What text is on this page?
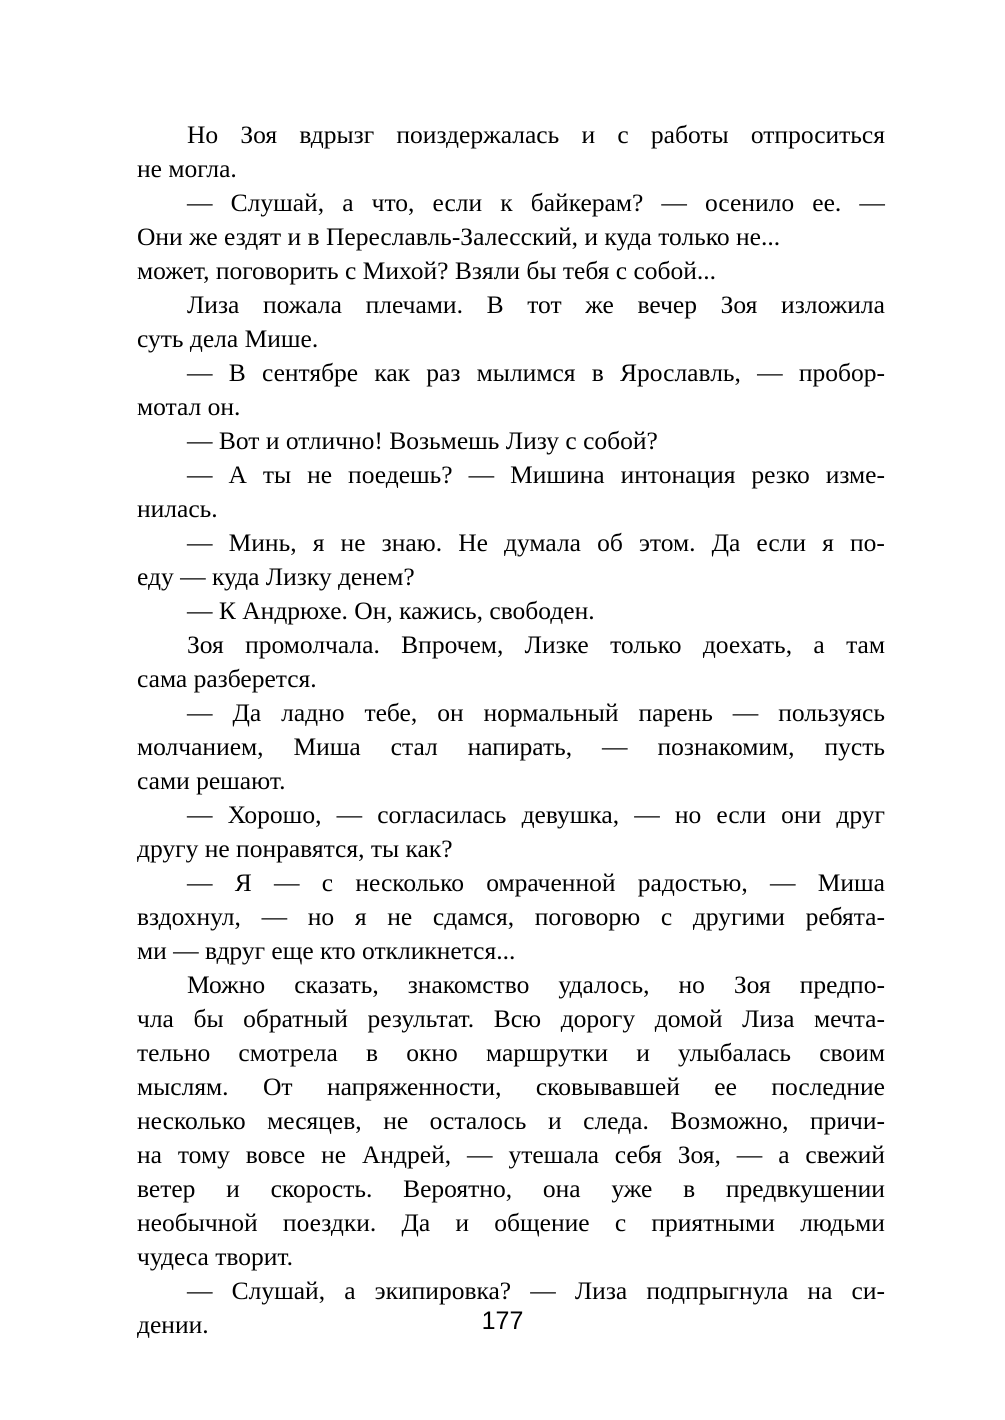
Но Зоя вдрызг поиздержалась и с работы отпроситься
не могла.
— Слушай, а что, если к байкерам? — осенило ее. —
Они же ездят и в Переславль-Залесский, и куда только не...
может, поговорить с Михой? Взяли бы тебя с собой...
Лиза пожала плечами. В тот же вечер Зоя изложила
суть дела Мише.
— В сентябре как раз мылимся в Ярославль, — пробор-
мотал он.
— Вот и отлично! Возьмешь Лизу с собой?
— А ты не поедешь? — Мишина интонация резко изме-
нилась.
— Минь, я не знаю. Не думала об этом. Да если я по-
еду — куда Лизку денем?
— К Андрюхе. Он, кажись, свободен.
Зоя промолчала. Впрочем, Лизке только доехать, а там
сама разберется.
— Да ладно тебе, он нормальный парень — пользуясь
молчанием, Миша стал напирать, — познакомим, пусть
сами решают.
— Хорошо, — согласилась девушка, — но если они друг
другу не понравятся, ты как?
— Я — с несколько омраченной радостью, — Миша
вздохнул, — но я не сдамся, поговорю с другими ребята-
ми — вдруг еще кто откликнется...
Можно сказать, знакомство удалось, но Зоя предпо-
чла бы обратный результат. Всю дорогу домой Лиза мечта-
тельно смотрела в окно маршрутки и улыбалась своим
мыслям. От напряженности, сковывавшей ее последние
несколько месяцев, не осталось и следа. Возможно, причи-
на тому вовсе не Андрей, — утешала себя Зоя, — а свежий
ветер и скорость. Вероятно, она уже в предвкушении
необычной поездки. Да и общение с приятными людьми
чудеса творит.
— Слушай, а экипировка? — Лиза подпрыгнула на си-
дении.	177
